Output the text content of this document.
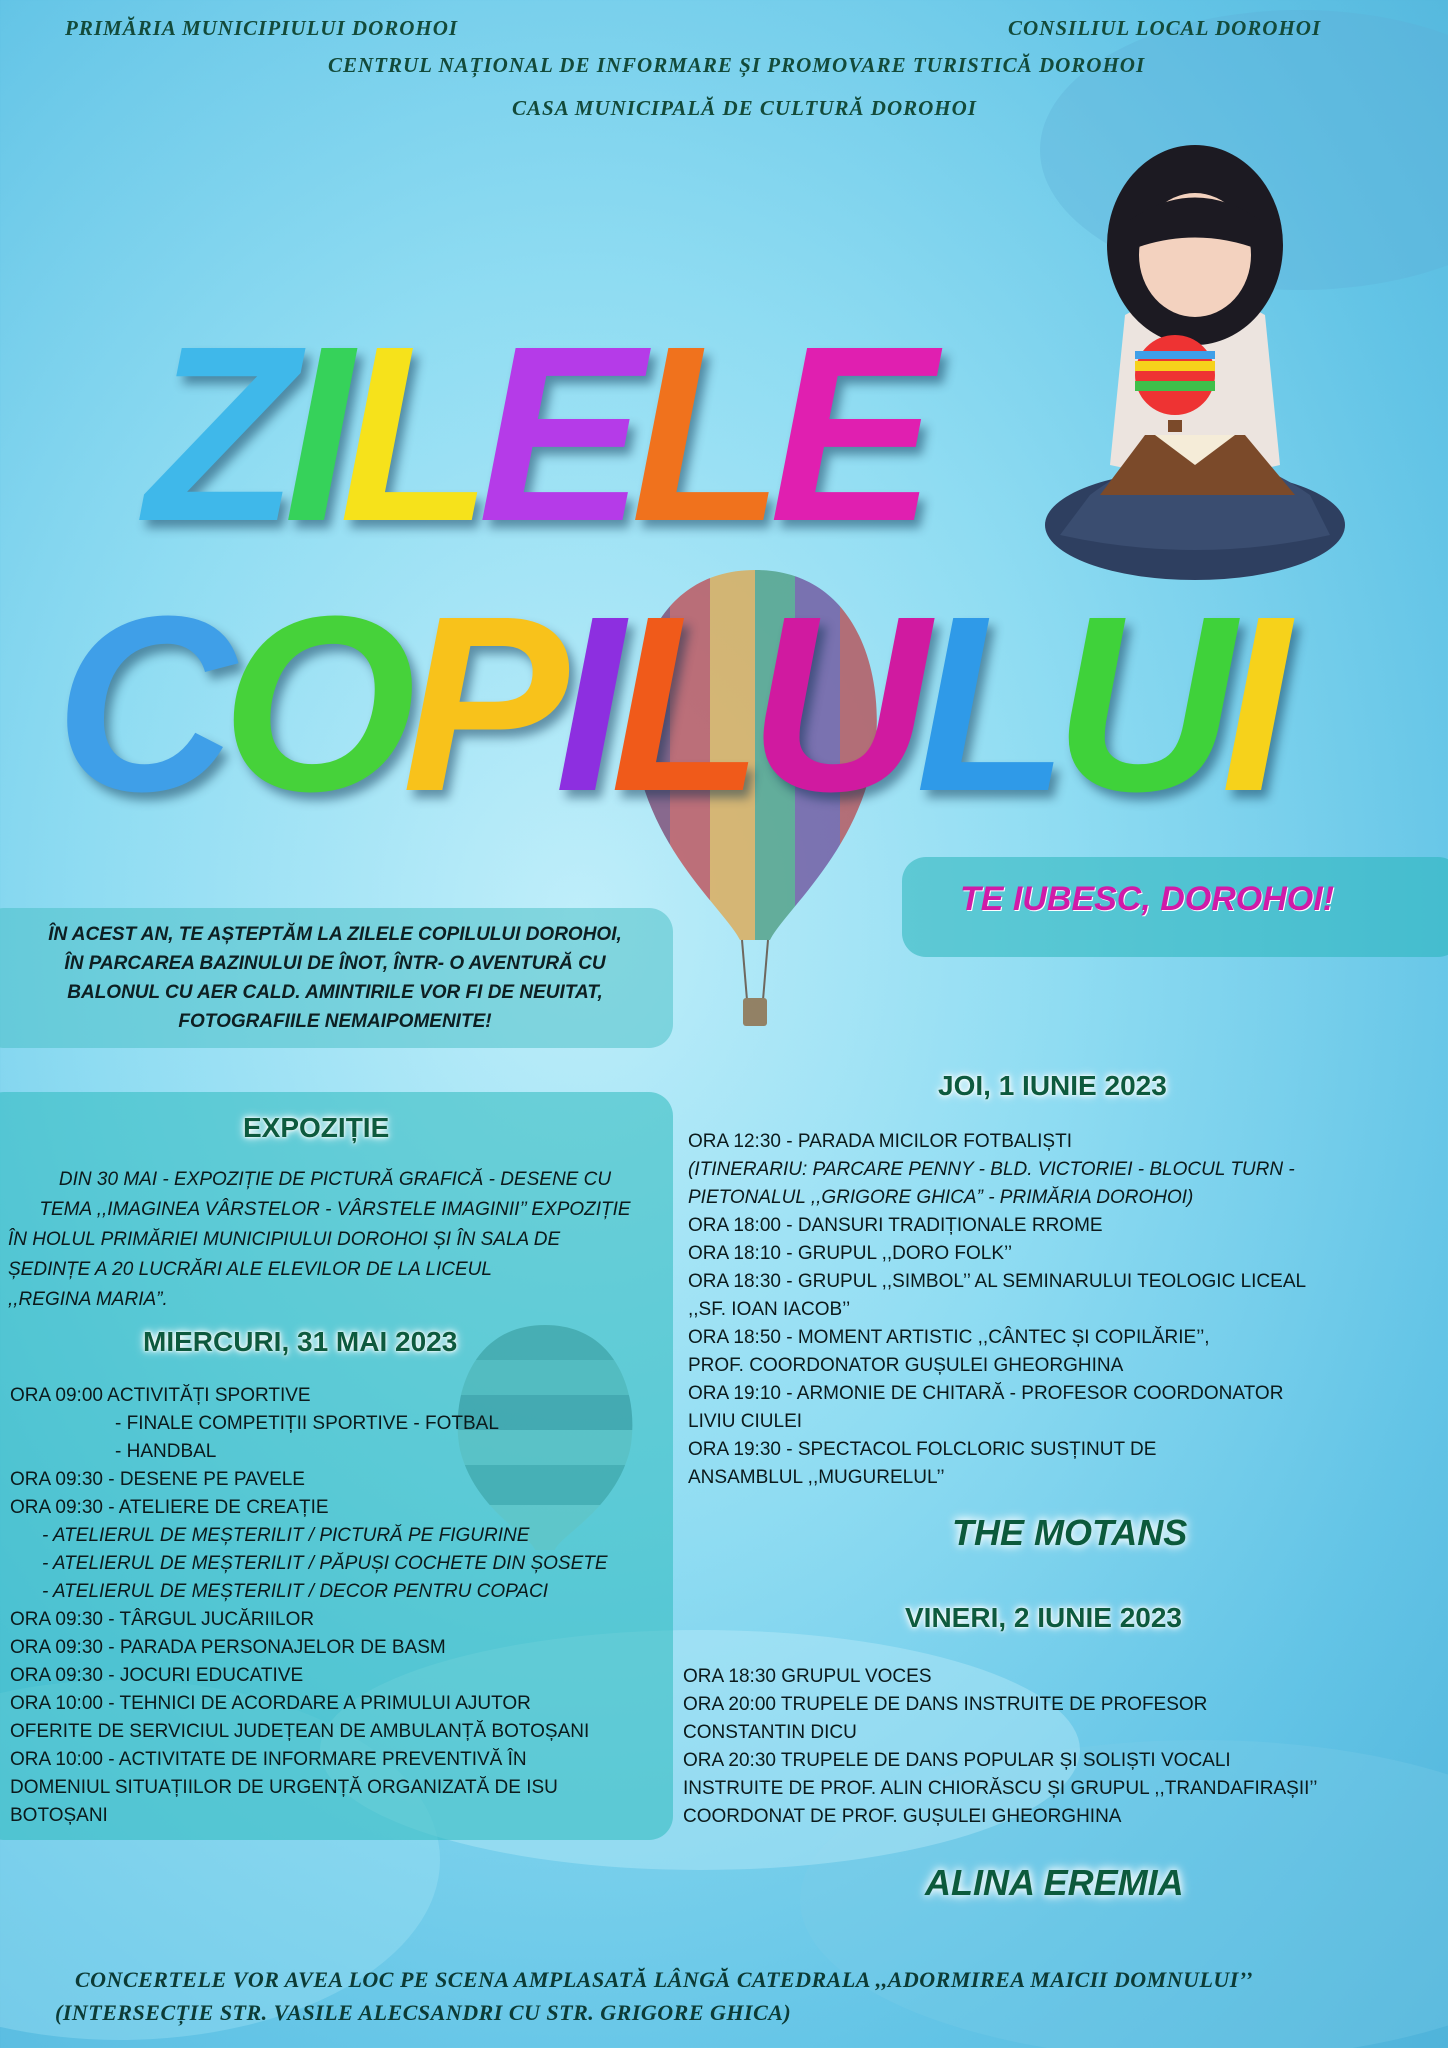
PRIMĂRIA MUNICIPIULUI DOROHOI	CONSILIUL LOCAL DOROHOI
CENTRUL NAȚIONAL DE INFORMARE ȘI PROMOVARE TURISTICĂ DOROHOI
CASA MUNICIPALĂ DE CULTURĂ DOROHOI
ZILELE
COPILULUI
TE IUBESC, DOROHOI!
ÎN ACEST AN, TE AȘTEPTĂM LA ZILELE COPILULUI DOROHOI,
ÎN PARCAREA BAZINULUI DE ÎNOT, ÎNTR- O AVENTURĂ CU
BALONUL CU AER CALD. AMINTIRILE VOR FI DE NEUITAT,
FOTOGRAFIILE NEMAIPOMENITE!
EXPOZIȚIE
DIN 30 MAI - EXPOZIȚIE DE PICTURĂ GRAFICĂ - DESENE CU
TEMA ,,IMAGINEA VÂRSTELOR - VÂRSTELE IMAGINII’’ EXPOZIȚIE
ÎN HOLUL PRIMĂRIEI MUNICIPIULUI DOROHOI ȘI ÎN SALA DE
ȘEDINȚE A 20 LUCRĂRI ALE ELEVILOR DE LA LICEUL
,,REGINA MARIA”.
MIERCURI, 31 MAI 2023
ORA 09:00 ACTIVITĂȚI SPORTIVE
- FINALE COMPETIȚII SPORTIVE - FOTBAL
- HANDBAL
ORA 09:30 - DESENE PE PAVELE
ORA 09:30 - ATELIERE DE CREAȚIE
- ATELIERUL DE MEȘTERILIT / PICTURĂ PE FIGURINE
- ATELIERUL DE MEȘTERILIT / PĂPUȘI COCHETE DIN ȘOSETE
- ATELIERUL DE MEȘTERILIT / DECOR PENTRU COPACI
ORA 09:30 - TÂRGUL JUCĂRIILOR
ORA 09:30 - PARADA PERSONAJELOR DE BASM
ORA 09:30 - JOCURI EDUCATIVE
ORA 10:00 - TEHNICI DE ACORDARE A PRIMULUI AJUTOR
OFERITE DE SERVICIUL JUDEȚEAN DE AMBULANȚĂ BOTOȘANI
ORA 10:00 - ACTIVITATE DE INFORMARE PREVENTIVĂ ÎN
DOMENIUL SITUAȚIILOR DE URGENȚĂ ORGANIZATĂ DE ISU
BOTOȘANI
JOI, 1 IUNIE 2023
ORA 12:30 - PARADA MICILOR FOTBALIȘTI
(ITINERARIU: PARCARE PENNY - BLD. VICTORIEI - BLOCUL TURN -
PIETONALUL ,,GRIGORE GHICA” - PRIMĂRIA DOROHOI)
ORA 18:00 - DANSURI TRADIȚIONALE RROME
ORA 18:10 - GRUPUL ,,DORO FOLK’’
ORA 18:30 - GRUPUL ,,SIMBOL’’ AL SEMINARULUI TEOLOGIC LICEAL
,,SF. IOAN IACOB’’
ORA 18:50 - MOMENT ARTISTIC ,,CÂNTEC ȘI COPILĂRIE’’,
PROF. COORDONATOR GUȘULEI GHEORGHINA
ORA 19:10 - ARMONIE DE CHITARĂ - PROFESOR COORDONATOR
LIVIU CIULEI
ORA 19:30 - SPECTACOL FOLCLORIC SUSȚINUT DE
ANSAMBLUL ,,MUGURELUL’’
THE MOTANS
VINERI, 2 IUNIE 2023
ORA 18:30 GRUPUL VOCES
ORA 20:00 TRUPELE DE DANS INSTRUITE DE PROFESOR
CONSTANTIN DICU
ORA 20:30 TRUPELE DE DANS POPULAR ȘI SOLIȘTI VOCALI
INSTRUITE DE PROF. ALIN CHIORĂSCU ȘI GRUPUL ,,TRANDAFIRAȘII’’
COORDONAT DE PROF. GUȘULEI GHEORGHINA
ALINA EREMIA
CONCERTELE VOR AVEA LOC PE SCENA AMPLASATĂ LÂNGĂ CATEDRALA ,,ADORMIREA MAICII DOMNULUI’’
(INTERSECȚIE STR. VASILE ALECSANDRI CU STR. GRIGORE GHICA)
